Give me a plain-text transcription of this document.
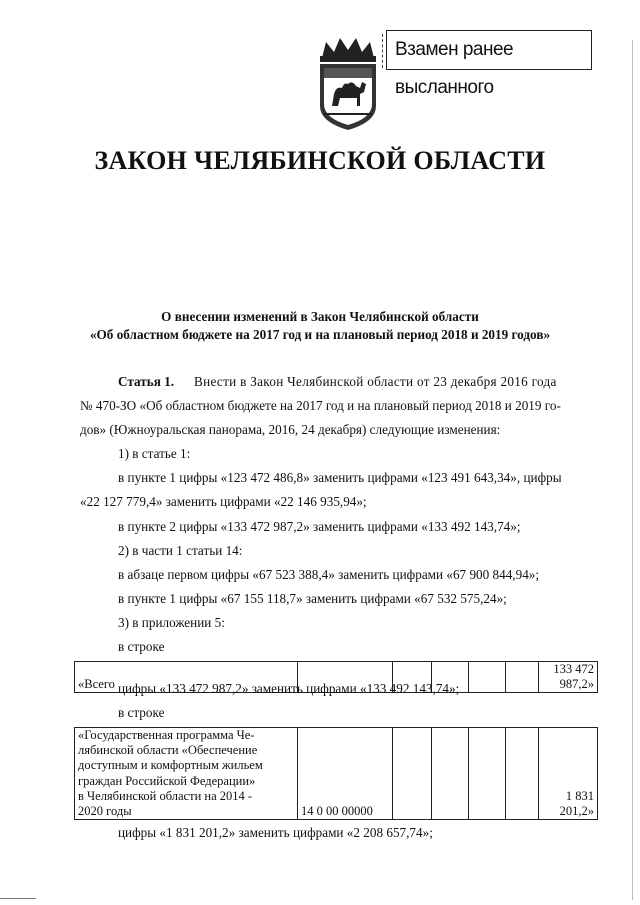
Взамен ранее высланного
ЗАКОН ЧЕЛЯБИНСКОЙ ОБЛАСТИ
О внесении изменений в Закон Челябинской области
«Об областном бюджете на 2017 год и на плановый период 2018 и 2019 годов»
Статья 1. Внести в Закон Челябинской области от 23 декабря 2016 года
№ 470-ЗО «Об областном бюджете на 2017 год и на плановый период 2018 и 2019 го-
дов» (Южноуральская панорама, 2016, 24 декабря) следующие изменения:
1) в статье 1:
в пункте 1 цифры «123 472 486,8» заменить цифрами «123 491 643,34», цифры
«22 127 779,4» заменить цифрами «22 146 935,94»;
в пункте 2 цифры «133 472 987,2» заменить цифрами «133 492 143,74»;
2) в части 1 статьи 14:
в абзаце первом цифры «67 523 388,4» заменить цифрами «67 900 844,94»;
в пункте 1 цифры «67 155 118,7» заменить цифрами «67 532 575,24»;
3) в приложении 5:
в строке
«Всего						133 472 987,2»
цифры «133 472 987,2» заменить цифрами «133 492 143,74»;
в строке
«Государственная программа Че-
лябинской области «Обеспечение
доступным и комфортным жильем
граждан Российской Федерации»
в Челябинской области на 2014 -
2020 годы	14 0 00 00000					1 831 201,2»
цифры «1 831 201,2» заменить цифрами «2 208 657,74»;
